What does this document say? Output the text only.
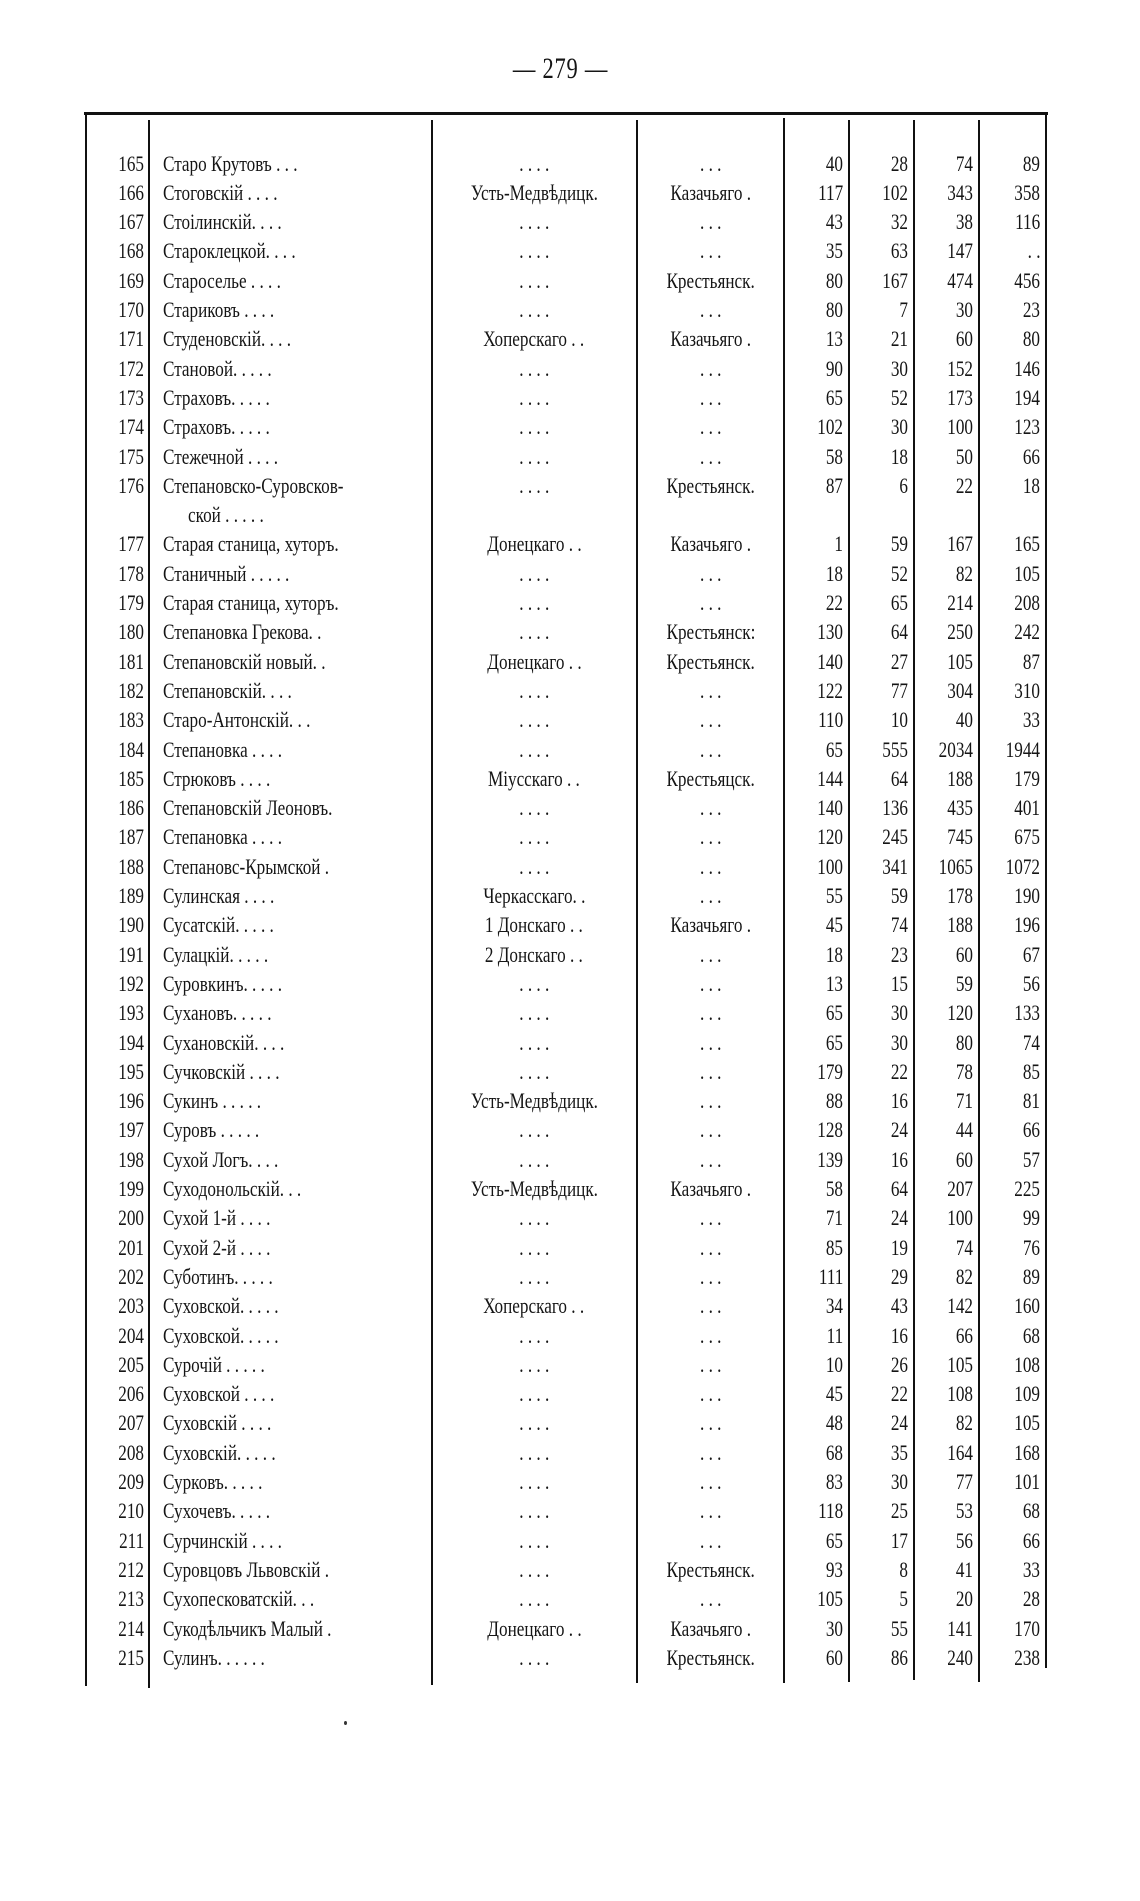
— 279 —
165 Старо Крутовъ . . .	. . . .	. . .	40	28	74	89
166 Стоговскій . . . .	Усть-Медвѣдицк.	Казачьяго .	117	102	343	358
167 Стоілинскій. . . .	. . . .	. . .	43	32	38	116
168 Староклецкой. . . .	. . . .	. . .	35	63	147	. .
169 Староселье . . . .	. . . .	Крестьянск.	80	167	474	456
170 Стариковъ . . . .	. . . .	. . .	80	7	30	23
171 Студеновскій. . . .	Хоперскаго . .	Казачьяго .	13	21	60	80
172 Становой. . . . .	. . . .	. . .	90	30	152	146
173 Страховъ. . . . .	. . . .	. . .	65	52	173	194
174 Страховъ. . . . .	. . . .	. . .	102	30	100	123
175 Стежечной . . . .	. . . .	. . .	58	18	50	66
176 Степановско-Суровсков-	. . . .	Крестьянск.	87	6	22	18
ской . . . . .
177 Старая станица, хуторъ.	Донецкаго . .	Казачьяго .	1	59	167	165
178 Станичный . . . . .	. . . .	. . .	18	52	82	105
179 Старая станица, хуторъ.	. . . .	. . .	22	65	214	208
180 Степановка Грекова. .	. . . .	Крестьянск:	130	64	250	242
181 Степановскій новый. .	Донецкаго . .	Крестьянск.	140	27	105	87
182 Степановскій. . . .	. . . .	. . .	122	77	304	310
183 Старо-Антонскій. . .	. . . .	. . .	110	10	40	33
184 Степановка . . . .	. . . .	. . .	65	555	2034	1944
185 Стрюковъ . . . .	Міусскаго . .	Крестьяцск.	144	64	188	179
186 Степановскій Леоновъ.	. . . .	. . .	140	136	435	401
187 Степановка . . . .	. . . .	. . .	120	245	745	675
188 Степановс-Крымской .	. . . .	. . .	100	341	1065	1072
189 Сулинская . . . .	Черкасскаго. .	. . .	55	59	178	190
190 Сусатскій. . . . .	1 Донскаго . .	Казачьяго .	45	74	188	196
191 Сулацкій. . . . .	2 Донскаго . .	. . .	18	23	60	67
192 Суровкинъ. . . . .	. . . .	. . .	13	15	59	56
193 Сухановъ. . . . .	. . . .	. . .	65	30	120	133
194 Сухановскій. . . .	. . . .	. . .	65	30	80	74
195 Сучковскій . . . .	. . . .	. . .	179	22	78	85
196 Сукинъ . . . . .	Усть-Медвѣдицк.	. . .	88	16	71	81
197 Суровъ . . . . .	. . . .	. . .	128	24	44	66
198 Сухой Логъ. . . .	. . . .	. . .	139	16	60	57
199 Суходонольскій. . .	Усть-Медвѣдицк.	Казачьяго .	58	64	207	225
200 Сухой 1-й . . . .	. . . .	. . .	71	24	100	99
201 Сухой 2-й . . . .	. . . .	. . .	85	19	74	76
202 Суботинъ. . . . .	. . . .	. . .	111	29	82	89
203 Суховской. . . . .	Хоперскаго . .	. . .	34	43	142	160
204 Суховской. . . . .	. . . .	. . .	11	16	66	68
205 Сурочій . . . . .	. . . .	. . .	10	26	105	108
206 Суховской . . . .	. . . .	. . .	45	22	108	109
207 Суховскій . . . .	. . . .	. . .	48	24	82	105
208 Суховскій. . . . .	. . . .	. . .	68	35	164	168
209 Сурковъ. . . . .	. . . .	. . .	83	30	77	101
210 Сухочевъ. . . . .	. . . .	. . .	118	25	53	68
211 Сурчинскій . . . .	. . . .	. . .	65	17	56	66
212 Суровцовъ Львовскій .	. . . .	Крестьянск.	93	8	41	33
213 Сухопесковатскій. . .	. . . .	. . .	105	5	20	28
214 Сукодѣльчикъ Малый .	Донецкаго . .	Казачьяго .	30	55	141	170
215 Сулинъ. . . . . .	. . . .	Крестьянск.	60	86	240	238
